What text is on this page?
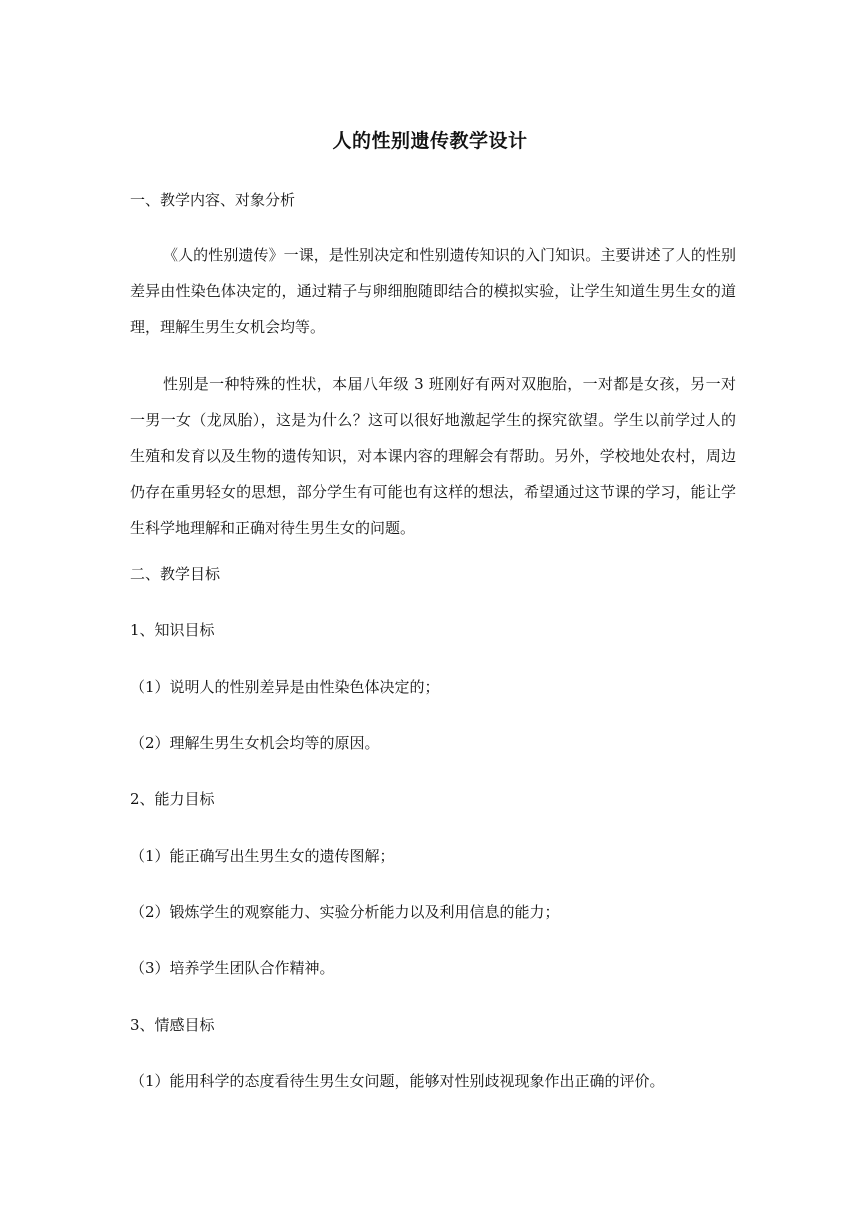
人的性别遗传教学设计
一、教学内容、对象分析
《人的性别遗传》一课，是性别决定和性别遗传知识的入门知识。主要讲述了人的性别差异由性染色体决定的，通过精子与卵细胞随即结合的模拟实验，让学生知道生男生女的道理，理解生男生女机会均等。
性别是一种特殊的性状，本届八年级 3 班刚好有两对双胞胎，一对都是女孩，另一对一男一女（龙凤胎），这是为什么？这可以很好地激起学生的探究欲望。学生以前学过人的生殖和发育以及生物的遗传知识，对本课内容的理解会有帮助。另外，学校地处农村，周边仍存在重男轻女的思想，部分学生有可能也有这样的想法，希望通过这节课的学习，能让学生科学地理解和正确对待生男生女的问题。
二、教学目标
1、知识目标
（1）说明人的性别差异是由性染色体决定的；
（2）理解生男生女机会均等的原因。
2、能力目标
（1）能正确写出生男生女的遗传图解；
（2）锻炼学生的观察能力、实验分析能力以及利用信息的能力；
（3）培养学生团队合作精神。
3、情感目标
（1）能用科学的态度看待生男生女问题，能够对性别歧视现象作出正确的评价。
